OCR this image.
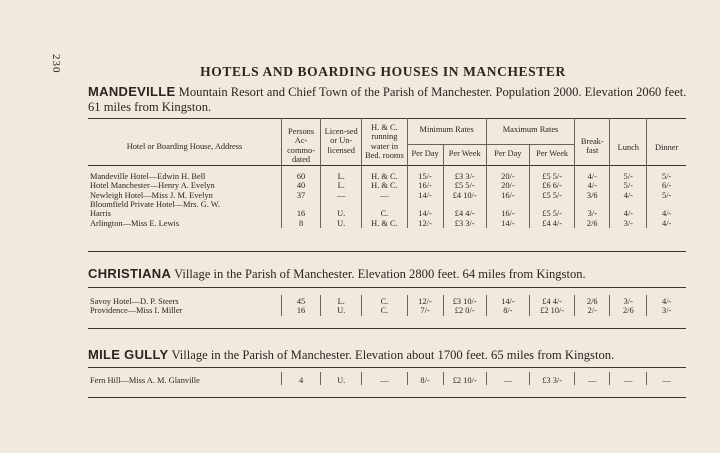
230	HOTELS AND BOARDING HOUSES IN MANCHESTER
MANDEVILLE Mountain Resort and Chief Town of the Parish of Manchester. Population 2000. Elevation 2060 feet. 61 miles from Kingston.
Hotel or Boarding House, Address	Persons Ac-commo-dated	Licen-sed or Un-licensed	H. & C. running water in Bed. rooms	Minimum Rates		Maximum Rates		Break-fast	Lunch	Dinner
				Per Day	Per Week	Per Day	Per Week			
Mandeville Hotel—Edwin H. Bell	60	L.	H. & C.	15/-	£3 3/-	20/-	£5 5/-	4/-	5/-	5/-
Hotel Manchester—Henry A. Evelyn	40	L.	H. & C.	16/-	£5 5/-	20/-	£6 6/-	4/-	5/-	6/-
Newleigh Hotel—Miss J. M. Evelyn	37	—	—	14/-	£4 10/-	16/-	£5 5/-	3/6	4/-	5/-
Bloomfield Private Hotel—Mrs. G. W.										
Harris	16	U.	C.	14/-	£4 4/-	16/-	£5 5/-	3/-	4/-	4/-
Arlington—Miss E. Lewis	8	U.	H. & C.	12/-	£3 3/-	14/-	£4 4/-	2/6	3/-	4/-
CHRISTIANA Village in the Parish of Manchester. Elevation 2800 feet. 64 miles from Kingston.
Savoy Hotel—D. P. Steers	45	L.	C.	12/-	£3 10/-	14/-	£4 4/-	2/6	3/-	4/-
Providence—Miss I. Miller	16	U.	C.	7/-	£2 0/-	8/-	£2 10/-	2/-	2/6	3/-
MILE GULLY Village in the Parish of Manchester. Elevation about 1700 feet. 65 miles from Kingston.
Fern Hill—Miss A. M. Glanville	4	U.	—	8/-	£2 10/-	—	£3 3/-	—	—	—
